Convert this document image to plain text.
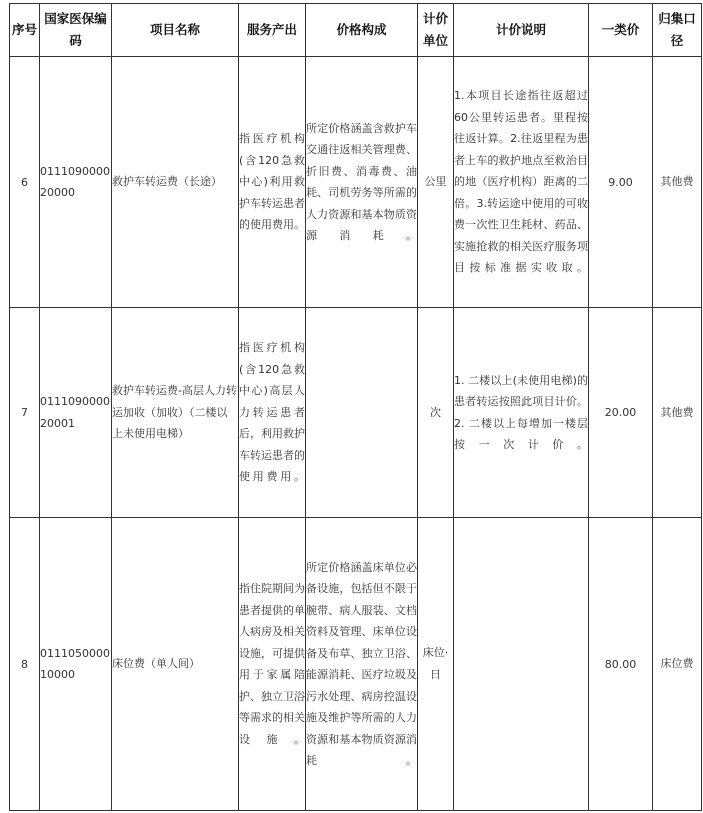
序号	国家医保编码	项目名称	服务产出	价格构成	计价单位	计价说明	一类价	归集口径
6	011109000020000	救护车转运费（长途）	指医疗机构(含120急救中心)利用救护车转运患者的使用费用。	所定价格涵盖含救护车交通往返相关管理费、折旧费、消毒费、油耗、司机劳务等所需的人力资源和基本物质资源消耗。	公里	1.本项目长途指往返超过60公里转运患者。里程按往返计算。2.往返里程为患者上车的救护地点至救治目的地（医疗机构）距离的二倍。3.转运途中使用的可收费一次性卫生耗材、药品、实施抢救的相关医疗服务项目按标准据实收取。	9.00	其他费
7	011109000020001	救护车转运费-高层人力转运加收（加收）（二楼以上未使用电梯）	指医疗机构(含120急救中心)高层人力转运患者后，利用救护车转运患者的使用费用。		次	1. 二楼以上(未使用电梯)的患者转运按照此项目计价。2. 二楼以上每增加一楼层按一次计价。	20.00	其他费
8	011105000010000	床位费（单人间）	指住院期间为患者提供的单人病房及相关设施，可提供用于家属陪护、独立卫浴等需求的相关设施。	所定价格涵盖床单位必备设施，包括但不限于腕带、病人服装、文档资料及管理、床单位设备及布草、独立卫浴、能源消耗、医疗垃圾及污水处理、病房控温设施及维护等所需的人力资源和基本物质资源消耗。	床位·日		80.00	床位费
